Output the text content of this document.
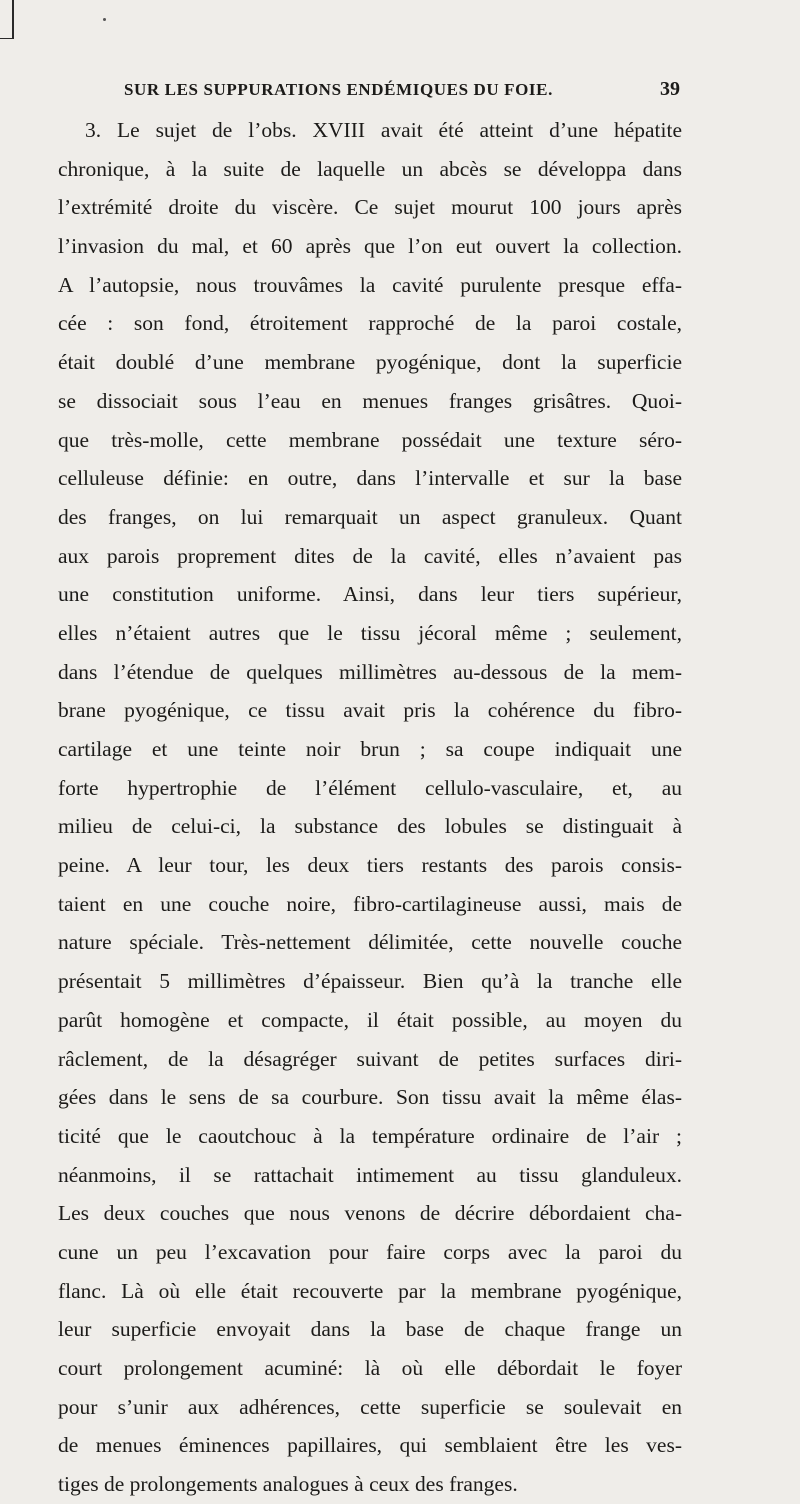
SUR LES SUPPURATIONS ENDÉMIQUES DU FOIE.	39
3. Le sujet de l’obs. XVIII avait été atteint d’une hépatite
chronique, à la suite de laquelle un abcès se développa dans
l’extrémité droite du viscère. Ce sujet mourut 100 jours après
l’invasion du mal, et 60 après que l’on eut ouvert la collection.
A l’autopsie, nous trouvâmes la cavité purulente presque effa-
cée : son fond, étroitement rapproché de la paroi costale,
était doublé d’une membrane pyogénique, dont la superficie
se dissociait sous l’eau en menues franges grisâtres. Quoi-
que très-molle, cette membrane possédait une texture séro-
celluleuse définie: en outre, dans l’intervalle et sur la base
des franges, on lui remarquait un aspect granuleux. Quant
aux parois proprement dites de la cavité, elles n’avaient pas
une constitution uniforme. Ainsi, dans leur tiers supérieur,
elles n’étaient autres que le tissu jécoral même ; seulement,
dans l’étendue de quelques millimètres au-dessous de la mem-
brane pyogénique, ce tissu avait pris la cohérence du fibro-
cartilage et une teinte noir brun ; sa coupe indiquait une
forte hypertrophie de l’élément cellulo-vasculaire, et, au
milieu de celui-ci, la substance des lobules se distinguait à
peine. A leur tour, les deux tiers restants des parois consis-
taient en une couche noire, fibro-cartilagineuse aussi, mais de
nature spéciale. Très-nettement délimitée, cette nouvelle couche
présentait 5 millimètres d’épaisseur. Bien qu’à la tranche elle
parût homogène et compacte, il était possible, au moyen du
râclement, de la désagréger suivant de petites surfaces diri-
gées dans le sens de sa courbure. Son tissu avait la même élas-
ticité que le caoutchouc à la température ordinaire de l’air ;
néanmoins, il se rattachait intimement au tissu glanduleux.
Les deux couches que nous venons de décrire débordaient cha-
cune un peu l’excavation pour faire corps avec la paroi du
flanc. Là où elle était recouverte par la membrane pyogénique,
leur superficie envoyait dans la base de chaque frange un
court prolongement acuminé: là où elle débordait le foyer
pour s’unir aux adhérences, cette superficie se soulevait en
de menues éminences papillaires, qui semblaient être les ves-
tiges de prolongements analogues à ceux des franges.
